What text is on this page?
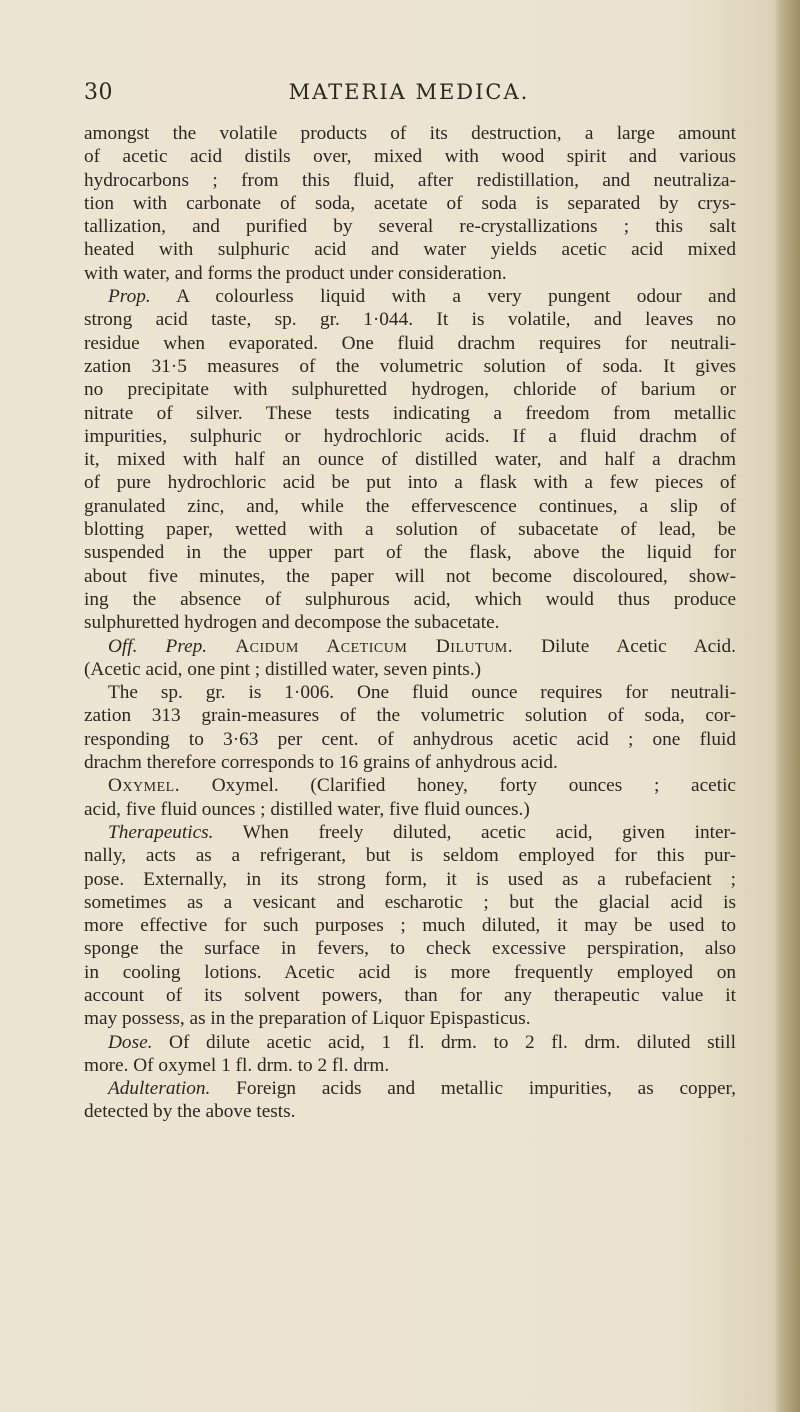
30	MATERIA MEDICA.
amongst the volatile products of its destruction, a large amount
of acetic acid distils over, mixed with wood spirit and various
hydrocarbons ; from this fluid, after redistillation, and neutraliza-
tion with carbonate of soda, acetate of soda is separated by crys-
tallization, and purified by several re-crystallizations ; this salt
heated with sulphuric acid and water yields acetic acid mixed
with water, and forms the product under consideration.
Prop. A colourless liquid with a very pungent odour and
strong acid taste, sp. gr. 1·044. It is volatile, and leaves no
residue when evaporated. One fluid drachm requires for neutrali-
zation 31·5 measures of the volumetric solution of soda. It gives
no precipitate with sulphuretted hydrogen, chloride of barium or
nitrate of silver. These tests indicating a freedom from metallic
impurities, sulphuric or hydrochloric acids. If a fluid drachm of
it, mixed with half an ounce of distilled water, and half a drachm
of pure hydrochloric acid be put into a flask with a few pieces of
granulated zinc, and, while the effervescence continues, a slip of
blotting paper, wetted with a solution of subacetate of lead, be
suspended in the upper part of the flask, above the liquid for
about five minutes, the paper will not become discoloured, show-
ing the absence of sulphurous acid, which would thus produce
sulphuretted hydrogen and decompose the subacetate.
Off. Prep. Acidum Aceticum Dilutum. Dilute Acetic Acid.
(Acetic acid, one pint ; distilled water, seven pints.)
The sp. gr. is 1·006. One fluid ounce requires for neutrali-
zation 313 grain-measures of the volumetric solution of soda, cor-
responding to 3·63 per cent. of anhydrous acetic acid ; one fluid
drachm therefore corresponds to 16 grains of anhydrous acid.
Oxymel. Oxymel. (Clarified honey, forty ounces ; acetic
acid, five fluid ounces ; distilled water, five fluid ounces.)
Therapeutics. When freely diluted, acetic acid, given inter-
nally, acts as a refrigerant, but is seldom employed for this pur-
pose. Externally, in its strong form, it is used as a rubefacient ;
sometimes as a vesicant and escharotic ; but the glacial acid is
more effective for such purposes ; much diluted, it may be used to
sponge the surface in fevers, to check excessive perspiration, also
in cooling lotions. Acetic acid is more frequently employed on
account of its solvent powers, than for any therapeutic value it
may possess, as in the preparation of Liquor Epispasticus.
Dose. Of dilute acetic acid, 1 fl. drm. to 2 fl. drm. diluted still
more. Of oxymel 1 fl. drm. to 2 fl. drm.
Adulteration. Foreign acids and metallic impurities, as copper,
detected by the above tests.
